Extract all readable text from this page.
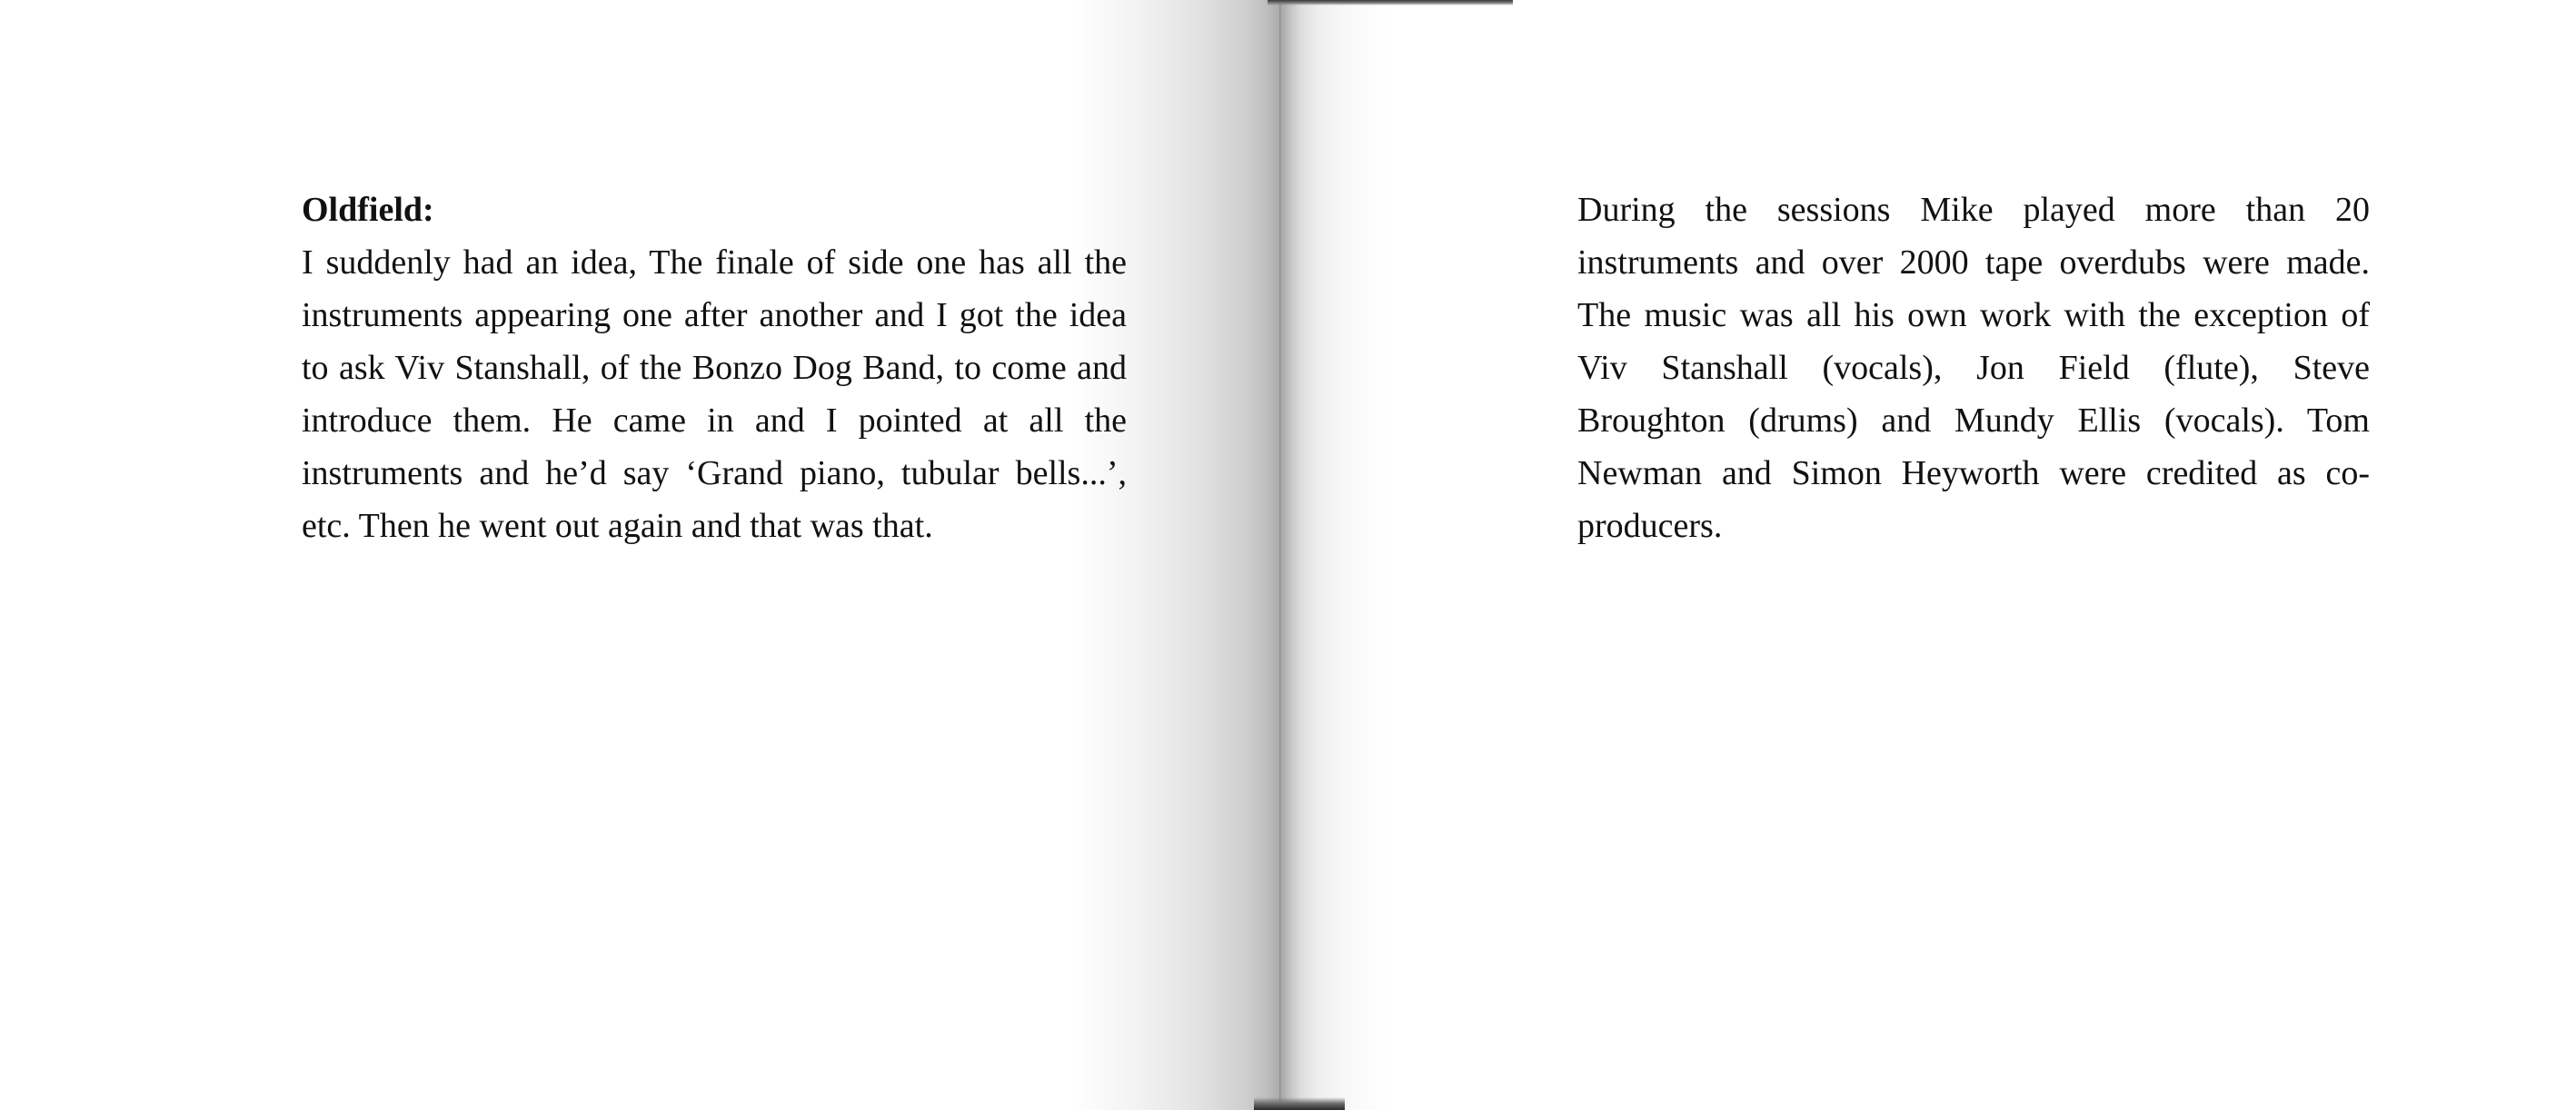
Oldfield:

I suddenly had an idea, The finale of side one has all the instruments appearing one after another and I got the idea to ask Viv Stanshall, of the Bonzo Dog Band, to come and introduce them. He came in and I pointed at all the instruments and he’d say ‘Grand piano, tubular bells...’, etc. Then he went out again and that was that.

During the sessions Mike played more than 20 instruments and over 2000 tape overdubs were made. The music was all his own work with the exception of Viv Stanshall (vocals), Jon Field (flute), Steve Broughton (drums) and Mundy Ellis (vocals). Tom Newman and Simon Heyworth were credited as co-producers.
